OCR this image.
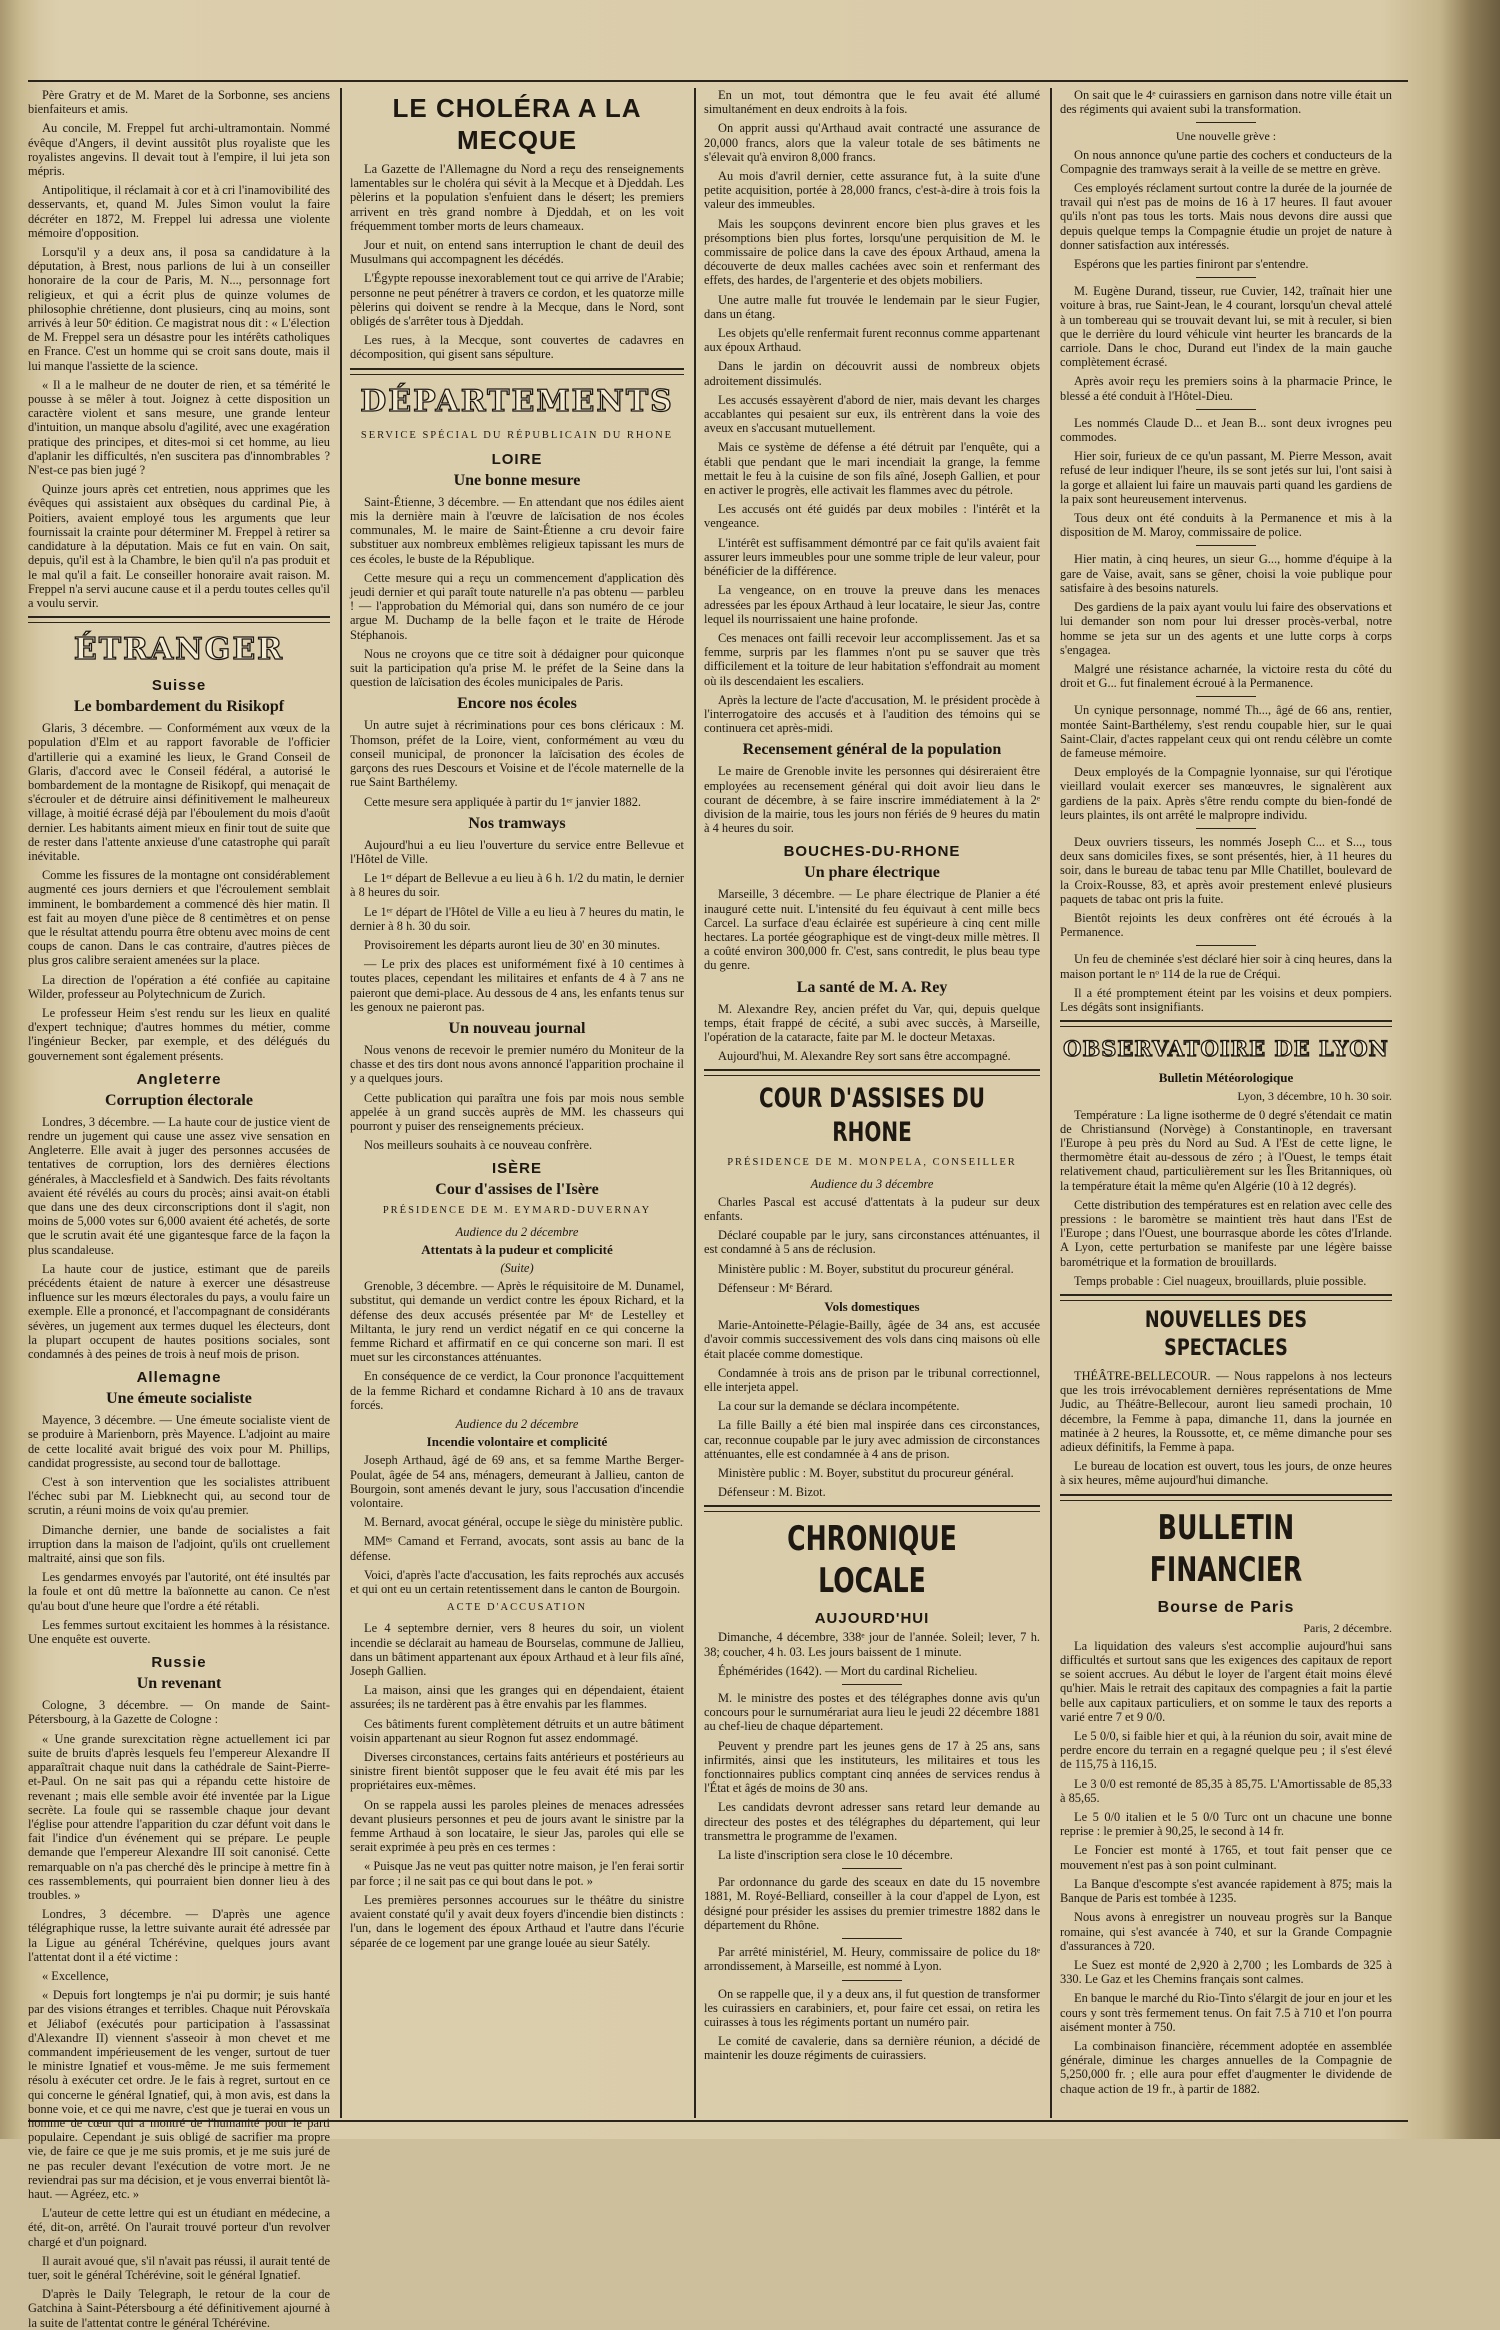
Père Gratry et de M. Maret de la Sorbonne, ses anciens bienfaiteurs et amis.

Au concile, M. Freppel fut archi-ultramontain. Nommé évêque d'Angers, il devint aussitôt plus royaliste que les royalistes angevins. Il devait tout à l'empire, il lui jeta son mépris.

Antipolitique, il réclamait à cor et à cri l'inamovibilité des desservants, et, quand M. Jules Simon voulut la faire décréter en 1872, M. Freppel lui adressa une violente mémoire d'opposition.

Lorsqu'il y a deux ans, il posa sa candidature à la députation, à Brest, nous parlions de lui à un conseiller honoraire de la cour de Paris, M. N..., personnage fort religieux, et qui a écrit plus de quinze volumes de philosophie chrétienne, dont plusieurs, cinq au moins, sont arrivés à leur 50ᵉ édition. Ce magistrat nous dit : « L'élection de M. Freppel sera un désastre pour les intérêts catholiques en France. C'est un homme qui se croit sans doute, mais il lui manque l'assiette de la science.

« Il a le malheur de ne douter de rien, et sa témérité le pousse à se mêler à tout. Joignez à cette disposition un caractère violent et sans mesure, une grande lenteur d'intuition, un manque absolu d'agilité, avec une exagération pratique des principes, et dites-moi si cet homme, au lieu d'aplanir les difficultés, n'en suscitera pas d'innombrables ? N'est-ce pas bien jugé ?

Quinze jours après cet entretien, nous apprimes que les évêques qui assistaient aux obsèques du cardinal Pie, à Poitiers, avaient employé tous les arguments que leur fournissait la crainte pour déterminer M. Freppel à retirer sa candidature à la députation. Mais ce fut en vain. On sait, depuis, qu'il est à la Chambre, le bien qu'il n'a pas produit et le mal qu'il a fait. Le conseiller honoraire avait raison. M. Freppel n'a servi aucune cause et il a perdu toutes celles qu'il a voulu servir.

ÉTRANGER
Suisse
Le bombardement du Risikopf

Glaris, 3 décembre. — Conformément aux vœux de la population d'Elm et au rapport favorable de l'officier d'artillerie qui a examiné les lieux, le Grand Conseil de Glaris, d'accord avec le Conseil fédéral, a autorisé le bombardement de la montagne de Risikopf, qui menaçait de s'écrouler et de détruire ainsi définitivement le malheureux village, à moitié écrasé déjà par l'éboulement du mois d'août dernier. Les habitants aiment mieux en finir tout de suite que de rester dans l'attente anxieuse d'une catastrophe qui paraît inévitable.

Comme les fissures de la montagne ont considérablement augmenté ces jours derniers et que l'écroulement semblait imminent, le bombardement a commencé dès hier matin. Il est fait au moyen d'une pièce de 8 centimètres et on pense que le résultat attendu pourra être obtenu avec moins de cent coups de canon. Dans le cas contraire, d'autres pièces de plus gros calibre seraient amenées sur la place.

La direction de l'opération a été confiée au capitaine Wilder, professeur au Polytechnicum de Zurich.

Le professeur Heim s'est rendu sur les lieux en qualité d'expert technique; d'autres hommes du métier, comme l'ingénieur Becker, par exemple, et des délégués du gouvernement sont également présents.

Angleterre
Corruption électorale

Londres, 3 décembre. — La haute cour de justice vient de rendre un jugement qui cause une assez vive sensation en Angleterre. Elle avait à juger des personnes accusées de tentatives de corruption, lors des dernières élections générales, à Macclesfield et à Sandwich. Des faits révoltants avaient été révélés au cours du procès; ainsi avait-on établi que dans une des deux circonscriptions dont il s'agit, non moins de 5,000 votes sur 6,000 avaient été achetés, de sorte que le scrutin avait été une gigantesque farce de la façon la plus scandaleuse.

La haute cour de justice, estimant que de pareils précédents étaient de nature à exercer une désastreuse influence sur les mœurs électorales du pays, a voulu faire un exemple. Elle a prononcé, et l'accompagnant de considérants sévères, un jugement aux termes duquel les électeurs, dont la plupart occupent de hautes positions sociales, sont condamnés à des peines de trois à neuf mois de prison.

Allemagne
Une émeute socialiste

Mayence, 3 décembre. — Une émeute socialiste vient de se produire à Marienborn, près Mayence. L'adjoint au maire de cette localité avait brigué des voix pour M. Phillips, candidat progressiste, au second tour de ballottage.

C'est à son intervention que les socialistes attribuent l'échec subi par M. Liebknecht qui, au second tour de scrutin, a réuni moins de voix qu'au premier.

Dimanche dernier, une bande de socialistes a fait irruption dans la maison de l'adjoint, qu'ils ont cruellement maltraité, ainsi que son fils.

Les gendarmes envoyés par l'autorité, ont été insultés par la foule et ont dû mettre la baïonnette au canon. Ce n'est qu'au bout d'une heure que l'ordre a été rétabli.

Les femmes surtout excitaient les hommes à la résistance. Une enquête est ouverte.

Russie
Un revenant

Cologne, 3 décembre. — On mande de Saint-Pétersbourg, à la Gazette de Cologne :

« Une grande surexcitation règne actuellement ici par suite de bruits d'après lesquels feu l'empereur Alexandre II apparaîtrait chaque nuit dans la cathédrale de Saint-Pierre-et-Paul. On ne sait pas qui a répandu cette histoire de revenant ; mais elle semble avoir été inventée par la Ligue secrète. La foule qui se rassemble chaque jour devant l'église pour attendre l'apparition du czar défunt voit dans le fait l'indice d'un événement qui se prépare. Le peuple demande que l'empereur Alexandre III soit canonisé. Cette remarquable on n'a pas cherché dès le principe à mettre fin à ces rassemblements, qui pourraient bien donner lieu à des troubles. »

Londres, 3 décembre. — D'après une agence télégraphique russe, la lettre suivante aurait été adressée par la Ligue au général Tchérévine, quelques jours avant l'attentat dont il a été victime :

« Excellence,

« Depuis fort longtemps je n'ai pu dormir; je suis hanté par des visions étranges et terribles. Chaque nuit Pérovskaïa et Jéliabof (exécutés pour participation à l'assassinat d'Alexandre II) viennent s'asseoir à mon chevet et me commandent impérieusement de les venger, surtout de tuer le ministre Ignatief et vous-même. Je me suis fermement résolu à exécuter cet ordre. Je le fais à regret, surtout en ce qui concerne le général Ignatief, qui, à mon avis, est dans la bonne voie, et ce qui me navre, c'est que je tuerai en vous un homme de cœur qui a montré de l'humanité pour le parti populaire. Cependant je suis obligé de sacrifier ma propre vie, de faire ce que je me suis promis, et je me suis juré de ne pas reculer devant l'exécution de votre mort. Je ne reviendrai pas sur ma décision, et je vous enverrai bientôt là-haut. — Agréez, etc. »

L'auteur de cette lettre qui est un étudiant en médecine, a été, dit-on, arrêté. On l'aurait trouvé porteur d'un revolver chargé et d'un poignard.

Il aurait avoué que, s'il n'avait pas réussi, il aurait tenté de tuer, soit le général Tchérévine, soit le général Ignatief.

D'après le Daily Telegraph, le retour de la cour de Gatchina à Saint-Pétersbourg a été définitivement ajourné à la suite de l'attentat contre le général Tchérévine.

LE CHOLÉRA A LA MECQUE

La Gazette de l'Allemagne du Nord a reçu des renseignements lamentables sur le choléra qui sévit à la Mecque et à Djeddah. Les pèlerins et la population s'enfuient dans le désert; les premiers arrivent en très grand nombre à Djeddah, et on les voit fréquemment tomber morts de leurs chameaux.

Jour et nuit, on entend sans interruption le chant de deuil des Musulmans qui accompagnent les décédés.

L'Égypte repousse inexorablement tout ce qui arrive de l'Arabie; personne ne peut pénétrer à travers ce cordon, et les quatorze mille pèlerins qui doivent se rendre à la Mecque, dans le Nord, sont obligés de s'arrêter tous à Djeddah.

Les rues, à la Mecque, sont couvertes de cadavres en décomposition, qui gisent sans sépulture.

DÉPARTEMENTS
SERVICE SPÉCIAL DU RÉPUBLICAIN DU RHONE
LOIRE
Une bonne mesure

Saint-Étienne, 3 décembre. — En attendant que nos édiles aient mis la dernière main à l'œuvre de laïcisation de nos écoles communales, M. le maire de Saint-Étienne a cru devoir faire substituer aux nombreux emblèmes religieux tapissant les murs de ces écoles, le buste de la République.

Cette mesure qui a reçu un commencement d'application dès jeudi dernier et qui paraît toute naturelle n'a pas obtenu — parbleu ! — l'approbation du Mémorial qui, dans son numéro de ce jour argue M. Duchamp de la belle façon et le traite de Hérode Stéphanois.

Nous ne croyons que ce titre soit à dédaigner pour quiconque suit la participation qu'a prise M. le préfet de la Seine dans la question de laïcisation des écoles municipales de Paris.

Encore nos écoles

Un autre sujet à récriminations pour ces bons cléricaux : M. Thomson, préfet de la Loire, vient, conformément au vœu du conseil municipal, de prononcer la laïcisation des écoles de garçons des rues Descours et Voisine et de l'école maternelle de la rue Saint Barthélemy.

Cette mesure sera appliquée à partir du 1ᵉʳ janvier 1882.

Nos tramways

Aujourd'hui a eu lieu l'ouverture du service entre Bellevue et l'Hôtel de Ville.

Le 1ᵉʳ départ de Bellevue a eu lieu à 6 h. 1/2 du matin, le dernier à 8 heures du soir.

Le 1ᵉʳ départ de l'Hôtel de Ville a eu lieu à 7 heures du matin, le dernier à 8 h. 30 du soir.

Provisoirement les départs auront lieu de 30' en 30 minutes.

— Le prix des places est uniformément fixé à 10 centimes à toutes places, cependant les militaires et enfants de 4 à 7 ans ne paieront que demi-place. Au dessous de 4 ans, les enfants tenus sur les genoux ne paieront pas.

Un nouveau journal

Nous venons de recevoir le premier numéro du Moniteur de la chasse et des tirs dont nous avons annoncé l'apparition prochaine il y a quelques jours.

Cette publication qui paraîtra une fois par mois nous semble appelée à un grand succès auprès de MM. les chasseurs qui pourront y puiser des renseignements précieux.

Nos meilleurs souhaits à ce nouveau confrère.

ISÈRE
Cour d'assises de l'Isère
PRÉSIDENCE DE M. EYMARD-DUVERNAY
Audience du 2 décembre
Attentats à la pudeur et complicité
(Suite)

Grenoble, 3 décembre. — Après le réquisitoire de M. Dunamel, substitut, qui demande un verdict contre les époux Richard, et la défense des deux accusés présentée par Mᵉ de Lestelley et Miltanta, le jury rend un verdict négatif en ce qui concerne la femme Richard et affirmatif en ce qui concerne son mari. Il est muet sur les circonstances atténuantes.

En conséquence de ce verdict, la Cour prononce l'acquittement de la femme Richard et condamne Richard à 10 ans de travaux forcés.

Audience du 2 décembre
Incendie volontaire et complicité

Joseph Arthaud, âgé de 69 ans, et sa femme Marthe Berger-Poulat, âgée de 54 ans, ménagers, demeurant à Jallieu, canton de Bourgoin, sont amenés devant le jury, sous l'accusation d'incendie volontaire.

M. Bernard, avocat général, occupe le siège du ministère public.

MMᵉˢ Camand et Ferrand, avocats, sont assis au banc de la défense.

Voici, d'après l'acte d'accusation, les faits reprochés aux accusés et qui ont eu un certain retentissement dans le canton de Bourgoin.

ACTE D'ACCUSATION

Le 4 septembre dernier, vers 8 heures du soir, un violent incendie se déclarait au hameau de Bourselas, commune de Jallieu, dans un bâtiment appartenant aux époux Arthaud et à leur fils aîné, Joseph Gallien.

La maison, ainsi que les granges qui en dépendaient, étaient assurées; ils ne tardèrent pas à être envahis par les flammes.

Ces bâtiments furent complètement détruits et un autre bâtiment voisin appartenant au sieur Rognon fut assez endommagé.

Diverses circonstances, certains faits antérieurs et postérieurs au sinistre firent bientôt supposer que le feu avait été mis par les propriétaires eux-mêmes.

On se rappela aussi les paroles pleines de menaces adressées devant plusieurs personnes et peu de jours avant le sinistre par la femme Arthaud à son locataire, le sieur Jas, paroles qui elle se serait exprimée à peu près en ces termes :

« Puisque Jas ne veut pas quitter notre maison, je l'en ferai sortir par force ; il ne sait pas ce qui bout dans le pot. »

Les premières personnes accourues sur le théâtre du sinistre avaient constaté qu'il y avait deux foyers d'incendie bien distincts : l'un, dans le logement des époux Arthaud et l'autre dans l'écurie séparée de ce logement par une grange louée au sieur Satély.

En un mot, tout démontra que le feu avait été allumé simultanément en deux endroits à la fois.

On apprit aussi qu'Arthaud avait contracté une assurance de 20,000 francs, alors que la valeur totale de ses bâtiments ne s'élevait qu'à environ 8,000 francs.

Au mois d'avril dernier, cette assurance fut, à la suite d'une petite acquisition, portée à 28,000 francs, c'est-à-dire à trois fois la valeur des immeubles.

Mais les soupçons devinrent encore bien plus graves et les présomptions bien plus fortes, lorsqu'une perquisition de M. le commissaire de police dans la cave des époux Arthaud, amena la découverte de deux malles cachées avec soin et renfermant des effets, des hardes, de l'argenterie et des objets mobiliers.

Une autre malle fut trouvée le lendemain par le sieur Fugier, dans un étang.

Les objets qu'elle renfermait furent reconnus comme appartenant aux époux Arthaud.

Dans le jardin on découvrit aussi de nombreux objets adroitement dissimulés.

Les accusés essayèrent d'abord de nier, mais devant les charges accablantes qui pesaient sur eux, ils entrèrent dans la voie des aveux en s'accusant mutuellement.

Mais ce système de défense a été détruit par l'enquête, qui a établi que pendant que le mari incendiait la grange, la femme mettait le feu à la cuisine de son fils aîné, Joseph Gallien, et pour en activer le progrès, elle activait les flammes avec du pétrole.

Les accusés ont été guidés par deux mobiles : l'intérêt et la vengeance.

L'intérêt est suffisamment démontré par ce fait qu'ils avaient fait assurer leurs immeubles pour une somme triple de leur valeur, pour bénéficier de la différence.

La vengeance, on en trouve la preuve dans les menaces adressées par les époux Arthaud à leur locataire, le sieur Jas, contre lequel ils nourrissaient une haine profonde.

Ces menaces ont failli recevoir leur accomplissement. Jas et sa femme, surpris par les flammes n'ont pu se sauver que très difficilement et la toiture de leur habitation s'effondrait au moment où ils descendaient les escaliers.

Après la lecture de l'acte d'accusation, M. le président procède à l'interrogatoire des accusés et à l'audition des témoins qui se continuera cet après-midi.

Recensement général de la population

Le maire de Grenoble invite les personnes qui désireraient être employées au recensement général qui doit avoir lieu dans le courant de décembre, à se faire inscrire immédiatement à la 2ᵉ division de la mairie, tous les jours non fériés de 9 heures du matin à 4 heures du soir.

BOUCHES-DU-RHONE
Un phare électrique

Marseille, 3 décembre. — Le phare électrique de Planier a été inauguré cette nuit. L'intensité du feu équivaut à cent mille becs Carcel. La surface d'eau éclairée est supérieure à cinq cent mille hectares. La portée géographique est de vingt-deux mille mètres. Il a coûté environ 300,000 fr. C'est, sans contredit, le plus beau type du genre.

La santé de M. A. Rey

M. Alexandre Rey, ancien préfet du Var, qui, depuis quelque temps, était frappé de cécité, a subi avec succès, à Marseille, l'opération de la cataracte, faite par M. le docteur Metaxas.

Aujourd'hui, M. Alexandre Rey sort sans être accompagné.

COUR D'ASSISES DU RHONE
PRÉSIDENCE DE M. MONPELA, CONSEILLER
Audience du 3 décembre

Charles Pascal est accusé d'attentats à la pudeur sur deux enfants.

Déclaré coupable par le jury, sans circonstances atténuantes, il est condamné à 5 ans de réclusion.

Ministère public : M. Boyer, substitut du procureur général.

Défenseur : Mᵉ Bérard.

Vols domestiques

Marie-Antoinette-Pélagie-Bailly, âgée de 34 ans, est accusée d'avoir commis successivement des vols dans cinq maisons où elle était placée comme domestique.

Condamnée à trois ans de prison par le tribunal correctionnel, elle interjeta appel.

La cour sur la demande se déclara incompétente.

La fille Bailly a été bien mal inspirée dans ces circonstances, car, reconnue coupable par le jury avec admission de circonstances atténuantes, elle est condamnée à 4 ans de prison.

Ministère public : M. Boyer, substitut du procureur général.

Défenseur : M. Bizot.

CHRONIQUE LOCALE
AUJOURD'HUI

Dimanche, 4 décembre, 338ᵉ jour de l'année. Soleil; lever, 7 h. 38; coucher, 4 h. 03. Les jours baissent de 1 minute.

Éphémérides (1642). — Mort du cardinal Richelieu.

M. le ministre des postes et des télégraphes donne avis qu'un concours pour le surnumérariat aura lieu le jeudi 22 décembre 1881 au chef-lieu de chaque département.

Peuvent y prendre part les jeunes gens de 17 à 25 ans, sans infirmités, ainsi que les instituteurs, les militaires et tous les fonctionnaires publics comptant cinq années de services rendus à l'État et âgés de moins de 30 ans.

Les candidats devront adresser sans retard leur demande au directeur des postes et des télégraphes du département, qui leur transmettra le programme de l'examen.

La liste d'inscription sera close le 10 décembre.

Par ordonnance du garde des sceaux en date du 15 novembre 1881, M. Royé-Belliard, conseiller à la cour d'appel de Lyon, est désigné pour présider les assises du premier trimestre 1882 dans le département du Rhône.

Par arrêté ministériel, M. Heury, commissaire de police du 18ᵉ arrondissement, à Marseille, est nommé à Lyon.

On se rappelle que, il y a deux ans, il fut question de transformer les cuirassiers en carabiniers, et, pour faire cet essai, on retira les cuirasses à tous les régiments portant un numéro pair.

Le comité de cavalerie, dans sa dernière réunion, a décidé de maintenir les douze régiments de cuirassiers.

On sait que le 4ᵉ cuirassiers en garnison dans notre ville était un des régiments qui avaient subi la transformation.

Une nouvelle grève :

On nous annonce qu'une partie des cochers et conducteurs de la Compagnie des tramways serait à la veille de se mettre en grève.

Ces employés réclament surtout contre la durée de la journée de travail qui n'est pas de moins de 16 à 17 heures. Il faut avouer qu'ils n'ont pas tous les torts. Mais nous devons dire aussi que depuis quelque temps la Compagnie étudie un projet de nature à donner satisfaction aux intéressés.

Espérons que les parties finiront par s'entendre.

M. Eugène Durand, tisseur, rue Cuvier, 142, traînait hier une voiture à bras, rue Saint-Jean, le 4 courant, lorsqu'un cheval attelé à un tombereau qui se trouvait devant lui, se mit à reculer, si bien que le derrière du lourd véhicule vint heurter les brancards de la carriole. Dans le choc, Durand eut l'index de la main gauche complètement écrasé.

Après avoir reçu les premiers soins à la pharmacie Prince, le blessé a été conduit à l'Hôtel-Dieu.

Les nommés Claude D... et Jean B... sont deux ivrognes peu commodes.

Hier soir, furieux de ce qu'un passant, M. Pierre Messon, avait refusé de leur indiquer l'heure, ils se sont jetés sur lui, l'ont saisi à la gorge et allaient lui faire un mauvais parti quand les gardiens de la paix sont heureusement intervenus.

Tous deux ont été conduits à la Permanence et mis à la disposition de M. Maroy, commissaire de police.

Hier matin, à cinq heures, un sieur G..., homme d'équipe à la gare de Vaise, avait, sans se gêner, choisi la voie publique pour satisfaire à des besoins naturels.

Des gardiens de la paix ayant voulu lui faire des observations et lui demander son nom pour lui dresser procès-verbal, notre homme se jeta sur un des agents et une lutte corps à corps s'engagea.

Malgré une résistance acharnée, la victoire resta du côté du droit et G... fut finalement écroué à la Permanence.

Un cynique personnage, nommé Th..., âgé de 66 ans, rentier, montée Saint-Barthélemy, s'est rendu coupable hier, sur le quai Saint-Clair, d'actes rappelant ceux qui ont rendu célèbre un comte de fameuse mémoire.

Deux employés de la Compagnie lyonnaise, sur qui l'érotique vieillard voulait exercer ses manœuvres, le signalèrent aux gardiens de la paix. Après s'être rendu compte du bien-fondé de leurs plaintes, ils ont arrêté le malpropre individu.

Deux ouvriers tisseurs, les nommés Joseph C... et S..., tous deux sans domiciles fixes, se sont présentés, hier, à 11 heures du soir, dans le bureau de tabac tenu par Mlle Chatillet, boulevard de la Croix-Rousse, 83, et après avoir prestement enlevé plusieurs paquets de tabac ont pris la fuite.

Bientôt rejoints les deux confrères ont été écroués à la Permanence.

Un feu de cheminée s'est déclaré hier soir à cinq heures, dans la maison portant le nᵒ 114 de la rue de Créqui.

Il a été promptement éteint par les voisins et deux pompiers. Les dégâts sont insignifiants.

OBSERVATOIRE DE LYON
Bulletin Météorologique
Lyon, 3 décembre, 10 h. 30 soir.

Température : La ligne isotherme de 0 degré s'étendait ce matin de Christiansund (Norvège) à Constantinople, en traversant l'Europe à peu près du Nord au Sud. A l'Est de cette ligne, le thermomètre était au-dessous de zéro ; à l'Ouest, le temps était relativement chaud, particulièrement sur les Îles Britanniques, où la température était la même qu'en Algérie (10 à 12 degrés).

Cette distribution des températures est en relation avec celle des pressions : le baromètre se maintient très haut dans l'Est de l'Europe ; dans l'Ouest, une bourrasque aborde les côtes d'Irlande. A Lyon, cette perturbation se manifeste par une légère baisse barométrique et la formation de brouillards.

Temps probable : Ciel nuageux, brouillards, pluie possible.

NOUVELLES DES SPECTACLES

THÉÂTRE-BELLECOUR. — Nous rappelons à nos lecteurs que les trois irrévocablement dernières représentations de Mme Judic, au Théâtre-Bellecour, auront lieu samedi prochain, 10 décembre, la Femme à papa, dimanche 11, dans la journée en matinée à 2 heures, la Roussotte, et, ce même dimanche pour ses adieux définitifs, la Femme à papa.

Le bureau de location est ouvert, tous les jours, de onze heures à six heures, même aujourd'hui dimanche.

BULLETIN FINANCIER
Bourse de Paris
Paris, 2 décembre.

La liquidation des valeurs s'est accomplie aujourd'hui sans difficultés et surtout sans que les exigences des capitaux de report se soient accrues. Au début le loyer de l'argent était moins élevé qu'hier. Mais le retrait des capitaux des compagnies a fait la partie belle aux capitaux particuliers, et on somme le taux des reports a varié entre 7 et 9 0/0.

Le 5 0/0, si faible hier et qui, à la réunion du soir, avait mine de perdre encore du terrain en a regagné quelque peu ; il s'est élevé de 115,75 à 116,15.

Le 3 0/0 est remonté de 85,35 à 85,75. L'Amortissable de 85,33 à 85,65.

Le 5 0/0 italien et le 5 0/0 Turc ont un chacune une bonne reprise : le premier à 90,25, le second à 14 fr.

Le Foncier est monté à 1765, et tout fait penser que ce mouvement n'est pas à son point culminant.

La Banque d'escompte s'est avancée rapidement à 875; mais la Banque de Paris est tombée à 1235.

Nous avons à enregistrer un nouveau progrès sur la Banque romaine, qui s'est avancée à 740, et sur la Grande Compagnie d'assurances à 720.

Le Suez est monté de 2,920 à 2,700 ; les Lombards de 325 à 330. Le Gaz et les Chemins français sont calmes.

En banque le marché du Rio-Tinto s'élargit de jour en jour et les cours y sont très fermement tenus. On fait 7.5 à 710 et l'on pourra aisément monter à 750.

La combinaison financière, récemment adoptée en assemblée générale, diminue les charges annuelles de la Compagnie de 5,250,000 fr. ; elle aura pour effet d'augmenter le dividende de chaque action de 19 fr., à partir de 1882.
